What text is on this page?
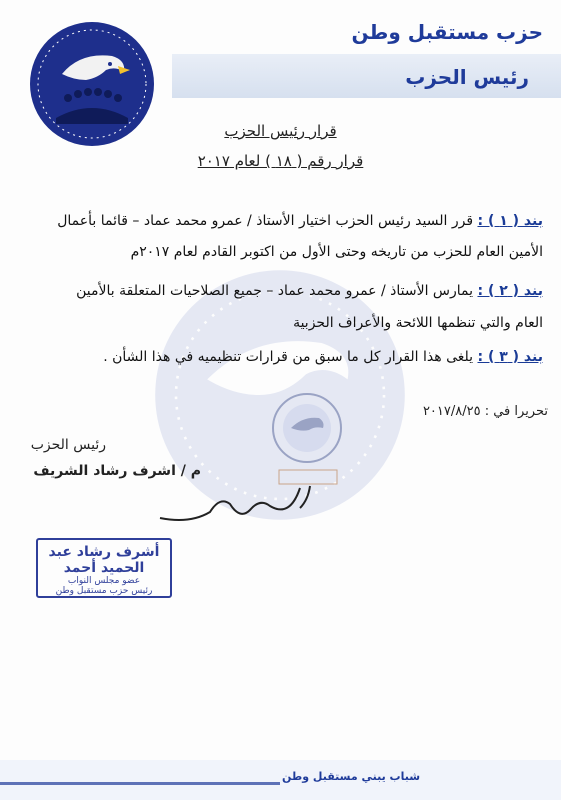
حزب مستقبل وطن
رئيس الحزب
قرار رئيس الحزب
قرار رقم ( ١٨ ) لعام ٢٠١٧
بند ( ١ ) : قرر السيد رئيس الحزب اختيار الأستاذ / عمرو محمد عماد – قائما بأعمال
الأمين العام للحزب من تاريخه وحتى الأول من اكتوبر القادم لعام ٢٠١٧م
بند ( ٢ ) : يمارس الأستاذ / عمرو محمد عماد – جميع الصلاحيات المتعلقة بالأمين
العام والتي تنظمها اللائحة والأعراف الحزبية
بند ( ٣ ) : يلغى هذا القرار كل ما سبق من قرارات تنظيميه في هذا الشأن .
تحريرا في : ٢٠١٧/٨/٢٥
رئيس الحزب
م / اشرف رشاد الشريف
أشرف رشاد عبد الحميد أحمد
عضو مجلس النواب
رئيس حزب مستقبل وطن
شباب يبني مستقبل وطن
